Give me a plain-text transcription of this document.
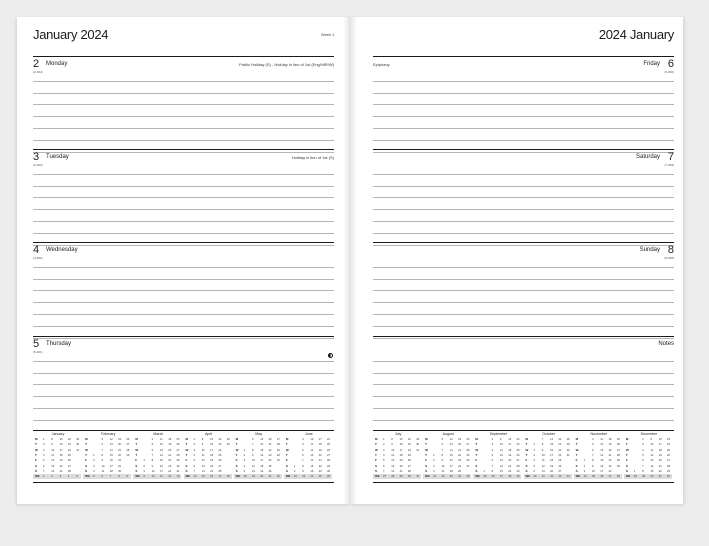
January 2024	Week 1	2024 January
2 Monday
(2-364)
Public Holiday (S) - Holiday in lieu of 1st (Eng/NIR/W)
3 Tuesday
(3-363)
Holiday in lieu of 1st (S)
4 Wednesday
(4-362)
5 Thursday
(5-361)
6
Friday
(6-360)
Epiphany
7
Saturday
(7-359)
8
Sunday
(8-358)
Notes
January
M 1	8	15 22 29
T 2	9	16 23 30
W 3	10 17 24 31
T 4	11 18 25
F 5	12 19 26
S 6	13 20 27
S 7	14 21 28
Wk 1	2	3	4	5
February
M	5	12 19 26
T	6	13 20 27
W	7	14 21 28
T 1	8	15 22 29
F 2	9	16 23
S 3	10 17 24
S 4	11 18 25
Wk 5	6	7	8	9
March
M	4	11 18 25
T	5	12 19 26
W	6	13 20 27
T	7	14 21 28
F 1	8	15 22 29
S 2	9	16 23 30
S 3	10 17 24 31
Wk 9	10 11 12 13
April
M 1	8	15 22 29
T 2	9	16 23 30
W 3	10 17 24
T 4	11 18 25
F 5	12 19 26
S 6	13 20 27
S 7	14 21 28
Wk 14 15 16 17 18
May
M	6	13 20 27
T	7	14 21 28
W 1	8	15 22 29
T 2	9	16 23 30
F 3	10 17 24 31
S 4	11 18 25
S 5	12 19 26
Wk 18 19 20 21 22
June
M	3	10 17 24
T	4	11 18 25
W	5	12 19 26
T	6	13 20 27
F	7	14 21 28
S 1	8	15 22 29
S 2	9	16 23 30
Wk 22 23 24 25 26
July
M 1	8	15 22 29
T 2	9	16 23 30
W 3	10 17 24 31
T 4	11 18 25
F 5	12 19 26
S 6	13 20 27
S 7	14 21 28
Wk 27 28 29 30 31
August
M	5	12 19 26
T	6	13 20 27
W	7	14 21 28
T 1	8	15 22 29
F 2	9	16 23 30
S 3	10 17 24 31
S 4	11 18 25
Wk 31 32 33 34 35
September
M	2	9	16 23
T	3	10 17 24
W	4	11 18 25
T	5	12 19 26
F	6	13 20 27
S	7	14 21 28
S 1	8	15 22 29
Wk 35 36 37 38 39
October
M	7	14 21 28
T 1	8	15 22 29
W 2	9	16 23 30
T 3	10 17 24 31
F 4	11 18 25
S 5	12 19 26
S 6	13 20 27
Wk 40 41 42 43 44
November
M	4	11 18 25
T	5	12 19 26
W	6	13 20 27
T	7	14 21 28
F 1	8	15 22 29
S 2	9	16 23 30
S 3	10 17 24
Wk 44 45 46 47 48
December
M	2	9	16 23
T	3	10 17 24
W	4	11 18 25
T	5	12 19 26
F	6	13 20 27
S	7	14 21 28
S 1	8	15 22 29
Wk 48 49 50 51 52
